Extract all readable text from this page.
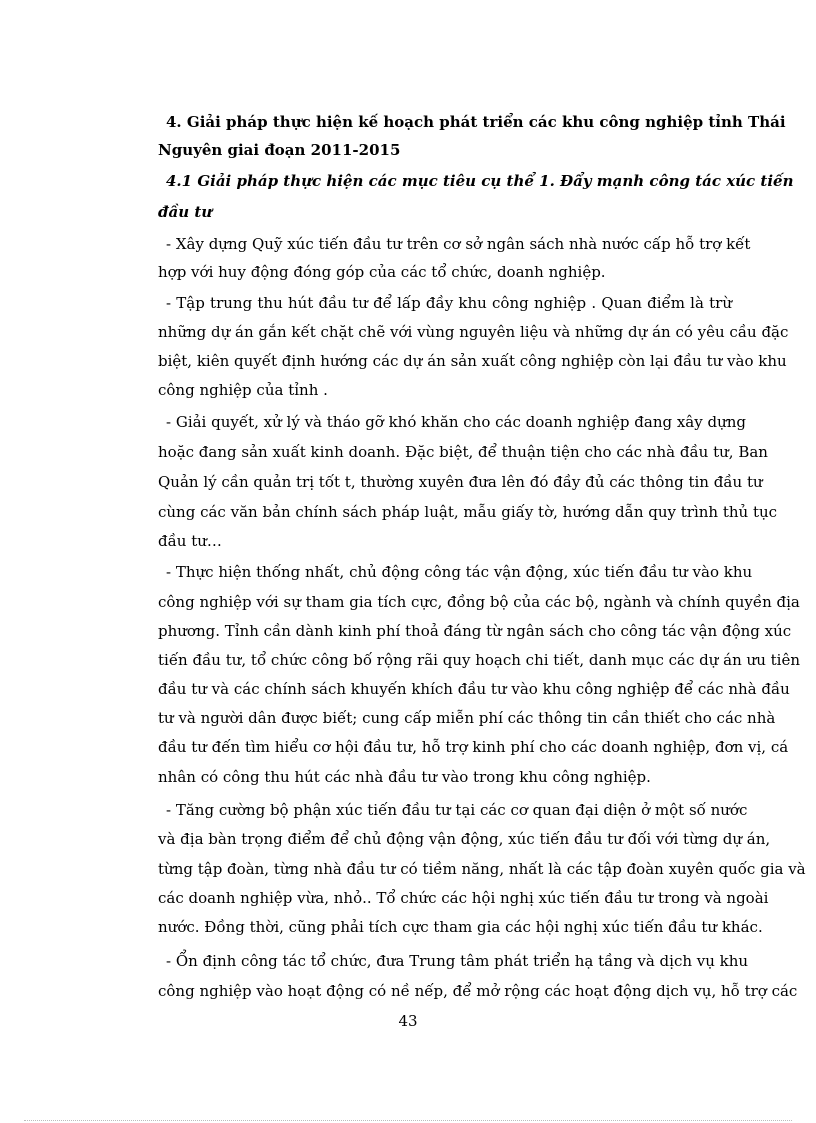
4. Giải pháp thực hiện kế hoạch phát triển các khu công nghiệp tỉnh Thái
Nguyên giai đoạn 2011-2015
4.1 Giải pháp thực hiện các mục tiêu cụ thể 1. Đẩy mạnh công tác xúc tiến
đầu tư
- Xây dựng Quỹ xúc tiến đầu tư trên cơ sở ngân sách nhà nước cấp hỗ trợ kết
hợp với huy động đóng góp của các tổ chức, doanh nghiệp.
- Tập trung thu hút đầu tư để lấp đầy khu công nghiệp . Quan điểm là trừ
những dự án gắn kết chặt chẽ với vùng nguyên liệu và những dự án có yêu cầu đặc
biệt, kiên quyết định hướng các dự án sản xuất công nghiệp còn lại đầu tư vào khu
công nghiệp của tỉnh .
- Giải quyết, xử lý và tháo gỡ khó khăn cho các doanh nghiệp đang xây dựng
hoặc đang sản xuất kinh doanh. Đặc biệt, để thuận tiện cho các nhà đầu tư, Ban
Quản lý cần quản trị tốt t, thường xuyên đưa lên đó đầy đủ các thông tin đầu tư
cùng các văn bản chính sách pháp luật, mẫu giấy tờ, hướng dẫn quy trình thủ tục
đầu tư…
- Thực hiện thống nhất, chủ động công tác vận động, xúc tiến đầu tư vào khu
công nghiệp với sự tham gia tích cực, đồng bộ của các bộ, ngành và chính quyền địa
phương. Tỉnh cần dành kinh phí thoả đáng từ ngân sách cho công tác vận động xúc
tiến đầu tư, tổ chức công bố rộng rãi quy hoạch chi tiết, danh mục các dự án ưu tiên
đầu tư và các chính sách khuyến khích đầu tư vào khu công nghiệp để các nhà đầu
tư và người dân được biết; cung cấp miễn phí các thông tin cần thiết cho các nhà
đầu tư đến tìm hiểu cơ hội đầu tư, hỗ trợ kinh phí cho các doanh nghiệp, đơn vị, cá
nhân có công thu hút các nhà đầu tư vào trong khu công nghiệp.
- Tăng cường bộ phận xúc tiến đầu tư tại các cơ quan đại diện ở một số nước
và địa bàn trọng điểm để chủ động vận động, xúc tiến đầu tư đối với từng dự án,
từng tập đoàn, từng nhà đầu tư có tiềm năng, nhất là các tập đoàn xuyên quốc gia và
các doanh nghiệp vừa, nhỏ.. Tổ chức các hội nghị xúc tiến đầu tư trong và ngoài
nước. Đồng thời, cũng phải tích cực tham gia các hội nghị xúc tiến đầu tư khác.
- Ổn định công tác tổ chức, đưa Trung tâm phát triển hạ tầng và dịch vụ khu
công nghiệp vào hoạt động có nề nếp, để mở rộng các hoạt động dịch vụ, hỗ trợ các
43
